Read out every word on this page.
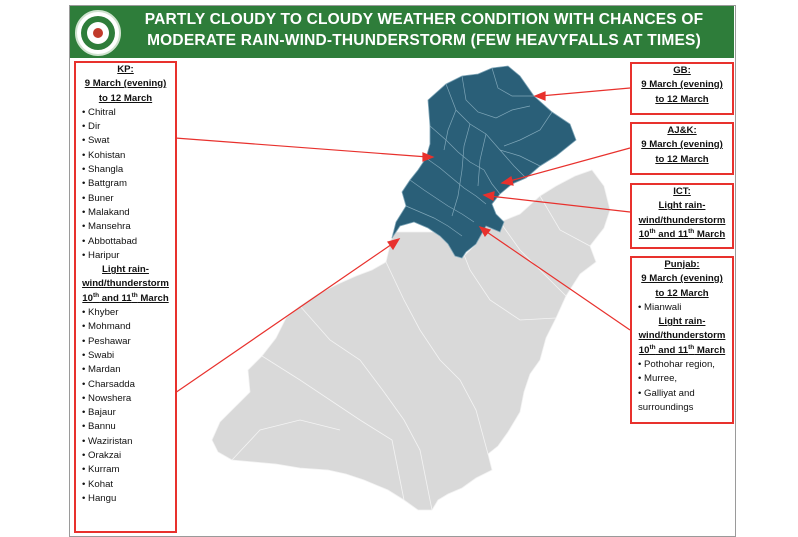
PARTLY CLOUDY TO CLOUDY WEATHER CONDITION WITH CHANCES OF MODERATE RAIN-WIND-THUNDERSTORM (FEW HEAVYFALLS AT TIMES)
KP:
9 March (evening)
to 12 March
• Chitral
• Dir
• Swat
• Kohistan
• Shangla
• Battgram
• Buner
• Malakand
• Mansehra
• Abbottabad
• Haripur
Light rain-
wind/thunderstorm
10th and 11th March
• Khyber
• Mohmand
• Peshawar
• Swabi
• Mardan
• Charsadda
• Nowshera
• Bajaur
• Bannu
• Waziristan
• Orakzai
• Kurram
• Kohat
• Hangu
GB:
9 March (evening)
to 12 March
AJ&K:
9 March (evening)
to 12 March
ICT:
Light rain-
wind/thunderstorm
10th and 11th March
Punjab:
9 March (evening)
to 12 March
• Mianwali
Light rain-
wind/thunderstorm
10th and 11th March
• Pothohar region,
• Murree,
• Galliyat and surroundings
